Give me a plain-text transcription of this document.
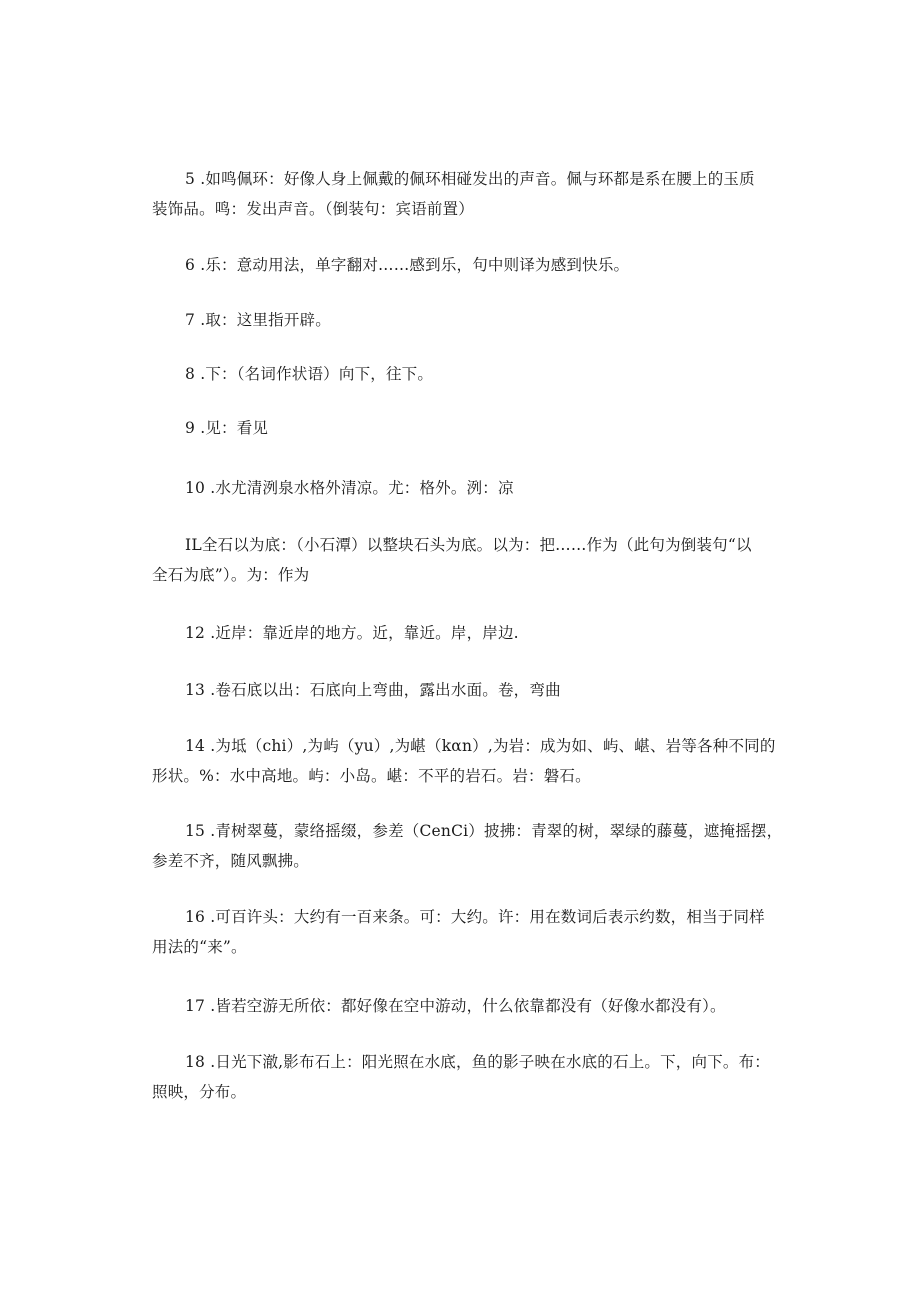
5 .如鸣佩环：好像人身上佩戴的佩环相碰发出的声音。佩与环都是系在腰上的玉质
装饰品。鸣：发出声音。（倒装句：宾语前置）

6 .乐：意动用法，单字翻对……感到乐，句中则译为感到快乐。

7 .取：这里指开辟。

8 .下：（名词作状语）向下，往下。

9 .见：看见

10 .水尤清洌泉水格外清凉。尤：格外。洌：凉

IL全石以为底：（小石潭）以整块石头为底。以为：把……作为（此句为倒装句“以
全石为底”）。为：作为

12 .近岸：靠近岸的地方。近，靠近。岸，岸边.

13 .卷石底以出：石底向上弯曲，露出水面。卷，弯曲

14 .为坻（chi）,为屿（yu）,为嵁（kαn）,为岩：成为如、屿、嵁、岩等各种不同的
形状。%：水中高地。屿：小岛。嵁：不平的岩石。岩：磐石。

15 .青树翠蔓，蒙络摇缀，参差（CenCi）披拂：青翠的树，翠绿的藤蔓，遮掩摇摆，
参差不齐，随风飘拂。

16 .可百许头：大约有一百来条。可：大约。许：用在数词后表示约数，相当于同样
用法的“来”。

17 .皆若空游无所依：都好像在空中游动，什么依靠都没有（好像水都没有）。

18 .日光下澈,影布石上：阳光照在水底，鱼的影子映在水底的石上。下，向下。布：
照映，分布。
